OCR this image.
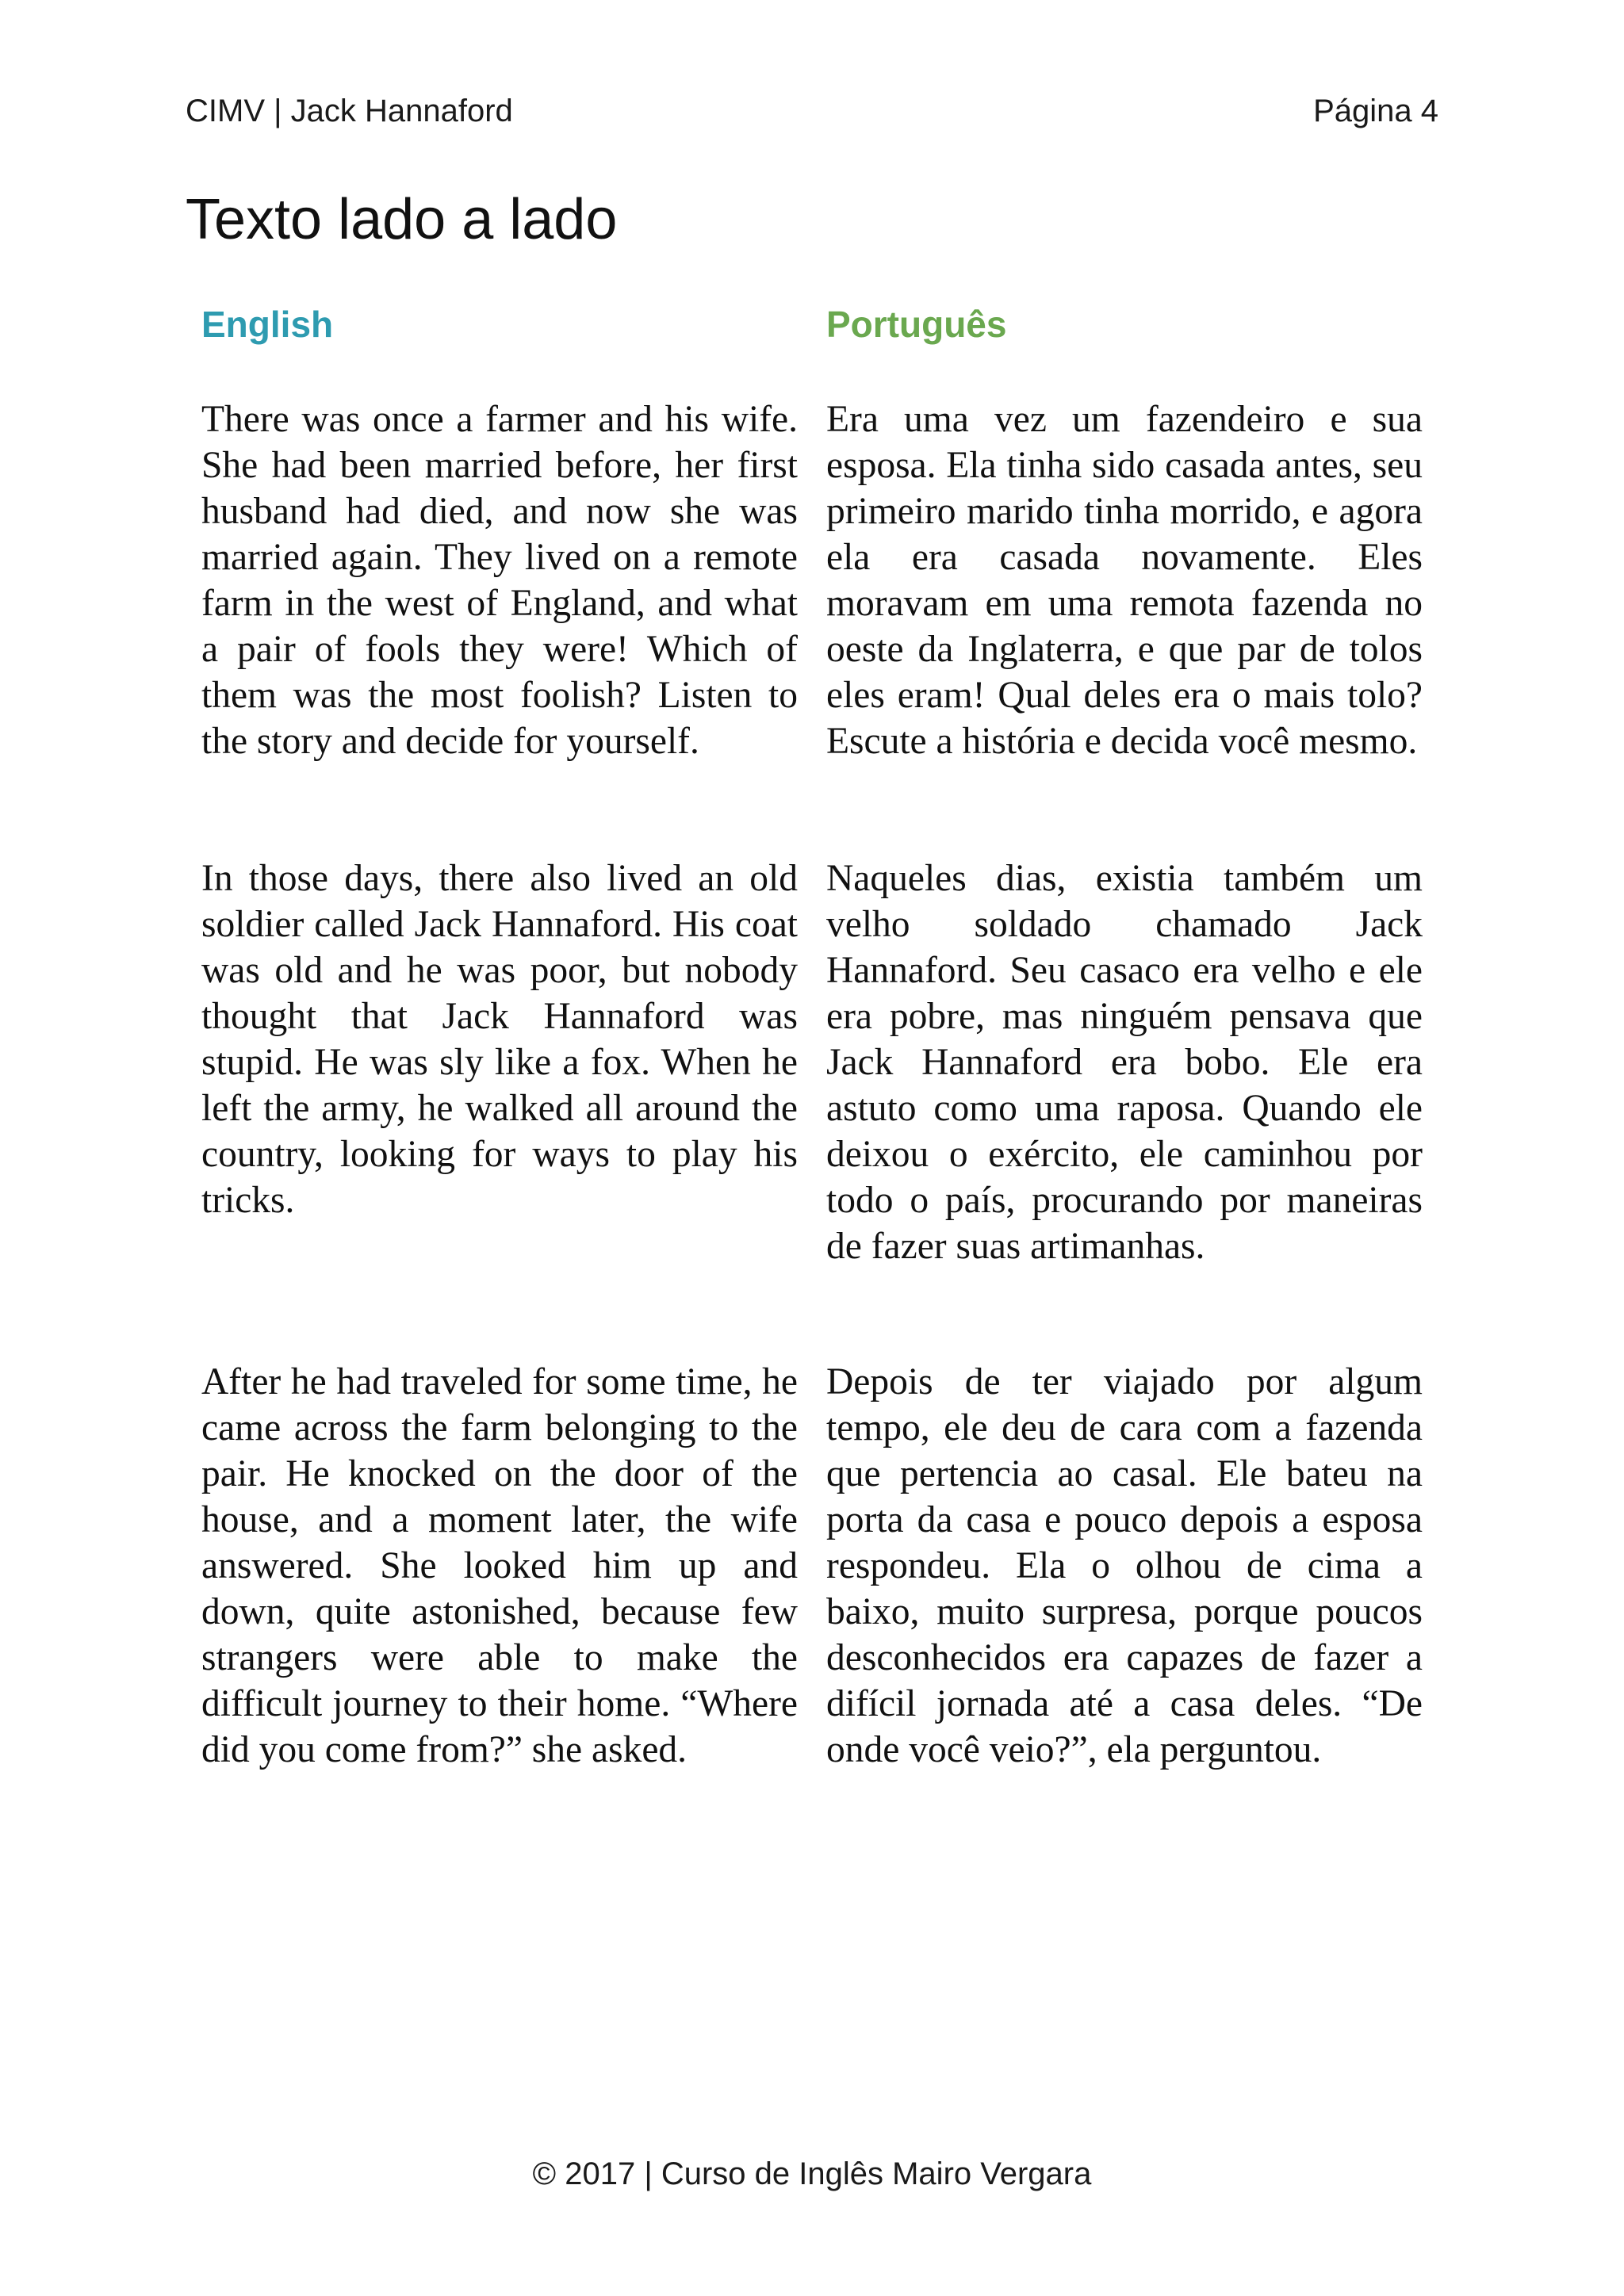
CIMV | Jack Hannaford	Página 4
Texto lado a lado
English

There was once a farmer and his wife. She had been married before, her first husband had died, and now she was married again. They lived on a remote farm in the west of England, and what a pair of fools they were! Which of them was the most foolish? Listen to the story and decide for yourself.

In those days, there also lived an old soldier called Jack Hannaford. His coat was old and he was poor, but nobody thought that Jack Hannaford was stupid. He was sly like a fox. When he left the army, he walked all around the country, looking for ways to play his tricks.

After he had traveled for some time, he came across the farm belonging to the pair. He knocked on the door of the house, and a moment later, the wife answered. She looked him up and down, quite astonished, because few strangers were able to make the difficult journey to their home. “Where did you come from?” she asked.

Português

Era uma vez um fazendeiro e sua esposa. Ela tinha sido casada antes, seu primeiro marido tinha morrido, e agora ela era casada novamente. Eles moravam em uma remota fazenda no oeste da Inglaterra, e que par de tolos eles eram! Qual deles era o mais tolo? Escute a história e decida você mesmo.

Naqueles dias, existia também um velho soldado chamado Jack Hannaford. Seu casaco era velho e ele era pobre, mas ninguém pensava que Jack Hannaford era bobo. Ele era astuto como uma raposa. Quando ele deixou o exército, ele caminhou por todo o país, procurando por maneiras de fazer suas artimanhas.

Depois de ter viajado por algum tempo, ele deu de cara com a fazenda que pertencia ao casal. Ele bateu na porta da casa e pouco depois a esposa respondeu. Ela o olhou de cima a baixo, muito surpresa, porque poucos desconhecidos era capazes de fazer a difícil jornada até a casa deles. “De onde você veio?”, ela perguntou.

© 2017 | Curso de Inglês Mairo Vergara
